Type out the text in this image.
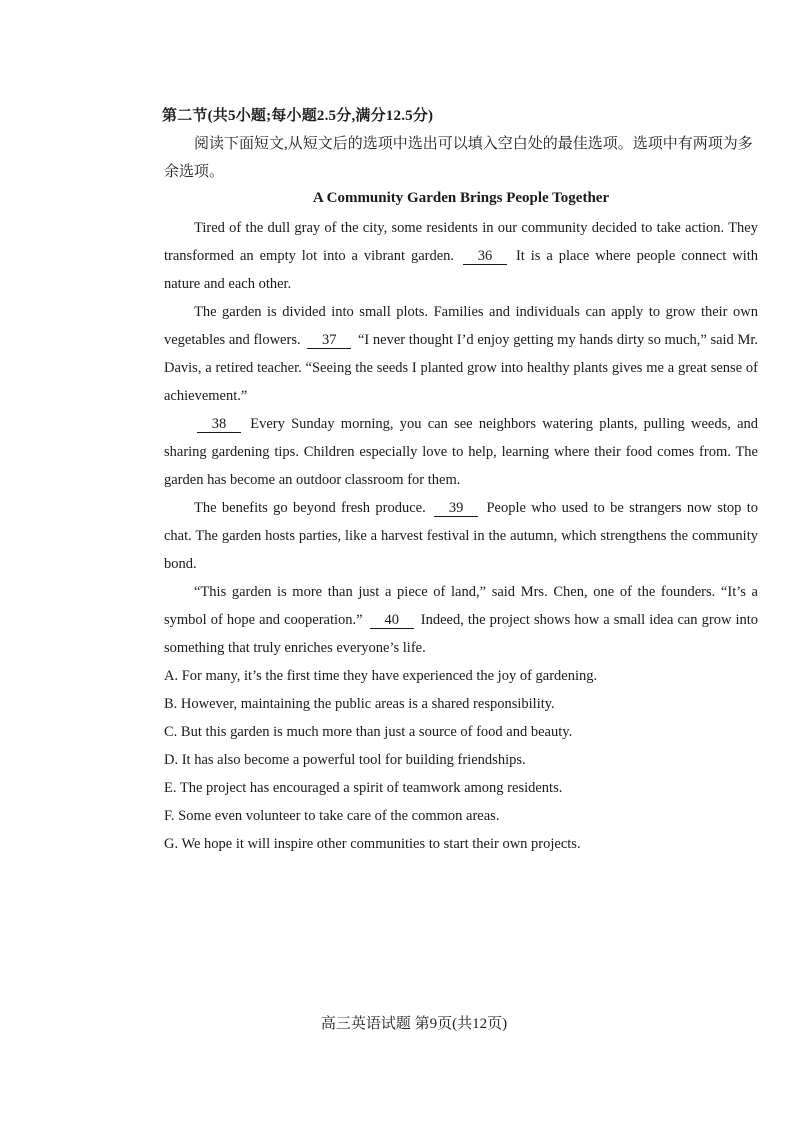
第二节(共5小题;每小题2.5分,满分12.5分)

阅读下面短文,从短文后的选项中选出可以填入空白处的最佳选项。选项中有两项为多余选项。

A Community Garden Brings People Together

Tired of the dull gray of the city, some residents in our community decided to take action. They transformed an empty lot into a vibrant garden. 36 It is a place where people connect with nature and each other.

The garden is divided into small plots. Families and individuals can apply to grow their own vegetables and flowers. 37 “I never thought I’d enjoy getting my hands dirty so much,” said Mr. Davis, a retired teacher. “Seeing the seeds I planted grow into healthy plants gives me a great sense of achievement.”

38 Every Sunday morning, you can see neighbors watering plants, pulling weeds, and sharing gardening tips. Children especially love to help, learning where their food comes from. The garden has become an outdoor classroom for them.

The benefits go beyond fresh produce. 39 People who used to be strangers now stop to chat. The garden hosts parties, like a harvest festival in the autumn, which strengthens the community bond.

“This garden is more than just a piece of land,” said Mrs. Chen, one of the founders. “It’s a symbol of hope and cooperation.” 40 Indeed, the project shows how a small idea can grow into something that truly enriches everyone’s life.

A. For many, it’s the first time they have experienced the joy of gardening.

B. However, maintaining the public areas is a shared responsibility.

C. But this garden is much more than just a source of food and beauty.

D. It has also become a powerful tool for building friendships.

E. The project has encouraged a spirit of teamwork among residents.

F. Some even volunteer to take care of the common areas.

G. We hope it will inspire other communities to start their own projects.

高三英语试题 第9页(共12页)
